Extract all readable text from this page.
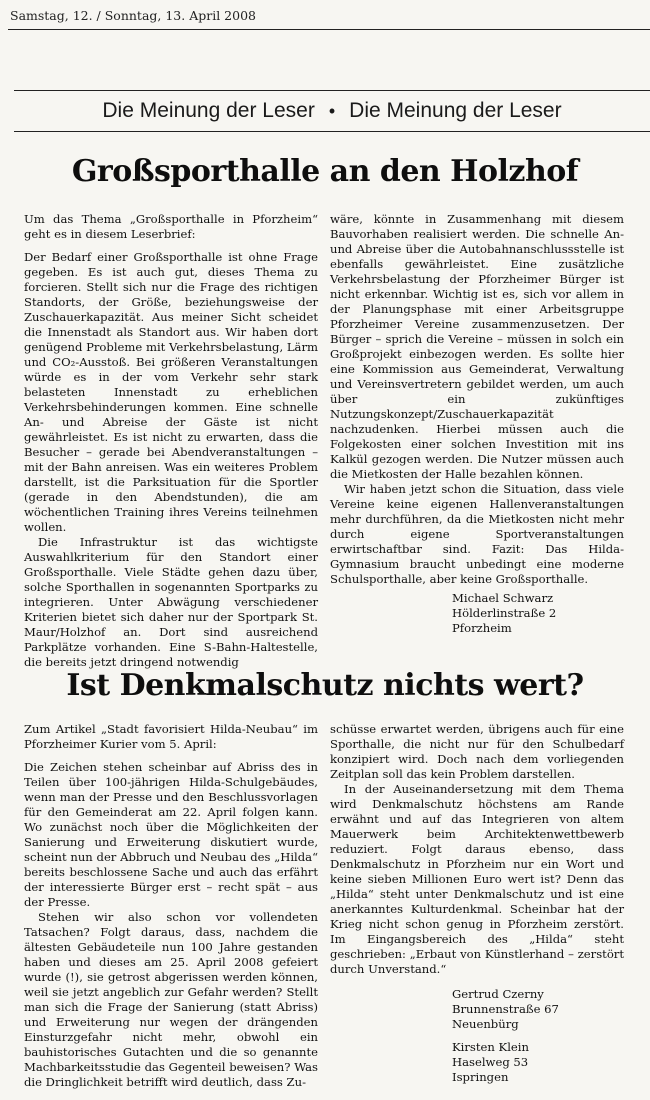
Samstag, 12. / Sonntag, 13. April 2008
Die Meinung der Leser • Die Meinung der Leser
Großsporthalle an den Holzhof

Um das Thema „Großsporthalle in Pforzheim“ geht es in diesem Leserbrief:

Der Bedarf einer Großsporthalle ist ohne Frage gegeben. Es ist auch gut, dieses Thema zu forcieren. Stellt sich nur die Frage des richtigen Standorts, der Größe, beziehungsweise der Zuschauerkapazität. Aus meiner Sicht scheidet die Innenstadt als Standort aus. Wir haben dort genügend Probleme mit Verkehrsbelastung, Lärm und CO₂-Ausstoß. Bei größeren Veranstaltungen würde es in der vom Verkehr sehr stark belasteten Innenstadt zu erheblichen Verkehrsbehinderungen kommen. Eine schnelle An- und Abreise der Gäste ist nicht gewährleistet. Es ist nicht zu erwarten, dass die Besucher – gerade bei Abendveranstaltungen – mit der Bahn anreisen. Was ein weiteres Problem darstellt, ist die Parksituation für die Sportler (gerade in den Abendstunden), die am wöchentlichen Training ihres Vereins teilnehmen wollen.

Die Infrastruktur ist das wichtigste Auswahlkriterium für den Standort einer Großsporthalle. Viele Städte gehen dazu über, solche Sporthallen in sogenannten Sportparks zu integrieren. Unter Abwägung verschiedener Kriterien bietet sich daher nur der Sportpark St. Maur/Holzhof an. Dort sind ausreichend Parkplätze vorhanden. Eine S-Bahn-Haltestelle, die bereits jetzt dringend notwendig

wäre, könnte in Zusammenhang mit diesem Bauvorhaben realisiert werden. Die schnelle An- und Abreise über die Autobahnanschlussstelle ist ebenfalls gewährleistet. Eine zusätzliche Verkehrsbelastung der Pforzheimer Bürger ist nicht erkennbar. Wichtig ist es, sich vor allem in der Planungsphase mit einer Arbeitsgruppe Pforzheimer Vereine zusammenzusetzen. Der Bürger – sprich die Vereine – müssen in solch ein Großprojekt einbezogen werden. Es sollte hier eine Kommission aus Gemeinderat, Verwaltung und Vereinsvertretern gebildet werden, um auch über ein zukünftiges Nutzungskonzept/Zuschauerkapazität nachzudenken. Hierbei müssen auch die Folgekosten einer solchen Investition mit ins Kalkül gezogen werden. Die Nutzer müssen auch die Mietkosten der Halle bezahlen können.

Wir haben jetzt schon die Situation, dass viele Vereine keine eigenen Hallenveranstaltungen mehr durchführen, da die Mietkosten nicht mehr durch eigene Sportveranstaltungen erwirtschaftbar sind. Fazit: Das Hilda-Gymnasium braucht unbedingt eine moderne Schulsporthalle, aber keine Großsporthalle.

Michael Schwarz
Hölderlinstraße 2
Pforzheim
Ist Denkmalschutz nichts wert?

Zum Artikel „Stadt favorisiert Hilda-Neubau“ im Pforzheimer Kurier vom 5. April:

Die Zeichen stehen scheinbar auf Abriss des in Teilen über 100-jährigen Hilda-Schulgebäudes, wenn man der Presse und den Beschlussvorlagen für den Gemeinderat am 22. April folgen kann. Wo zunächst noch über die Möglichkeiten der Sanierung und Erweiterung diskutiert wurde, scheint nun der Abbruch und Neubau des „Hilda“ bereits beschlossene Sache und auch das erfährt der interessierte Bürger erst – recht spät – aus der Presse.

Stehen wir also schon vor vollendeten Tatsachen? Folgt daraus, dass, nachdem die ältesten Gebäudeteile nun 100 Jahre gestanden haben und dieses am 25. April 2008 gefeiert wurde (!), sie getrost abgerissen werden können, weil sie jetzt angeblich zur Gefahr werden? Stellt man sich die Frage der Sanierung (statt Abriss) und Erweiterung nur wegen der drängenden Einsturzgefahr nicht mehr, obwohl ein bauhistorisches Gutachten und die so genannte Machbarkeitsstudie das Gegenteil beweisen? Was die Dringlichkeit betrifft wird deutlich, dass Zu-

schüsse erwartet werden, übrigens auch für eine Sporthalle, die nicht nur für den Schulbedarf konzipiert wird. Doch nach dem vorliegenden Zeitplan soll das kein Problem darstellen.

In der Auseinandersetzung mit dem Thema wird Denkmalschutz höchstens am Rande erwähnt und auf das Integrieren von altem Mauerwerk beim Architektenwettbewerb reduziert. Folgt daraus ebenso, dass Denkmalschutz in Pforzheim nur ein Wort und keine sieben Millionen Euro wert ist? Denn das „Hilda“ steht unter Denkmalschutz und ist eine anerkanntes Kulturdenkmal. Scheinbar hat der Krieg nicht schon genug in Pforzheim zerstört. Im Eingangsbereich des „Hilda“ steht geschrieben: „Erbaut von Künstlerhand – zerstört durch Unverstand.“

Gertrud Czerny
Brunnenstraße 67
Neuenbürg
Kirsten Klein
Haselweg 53
Ispringen
